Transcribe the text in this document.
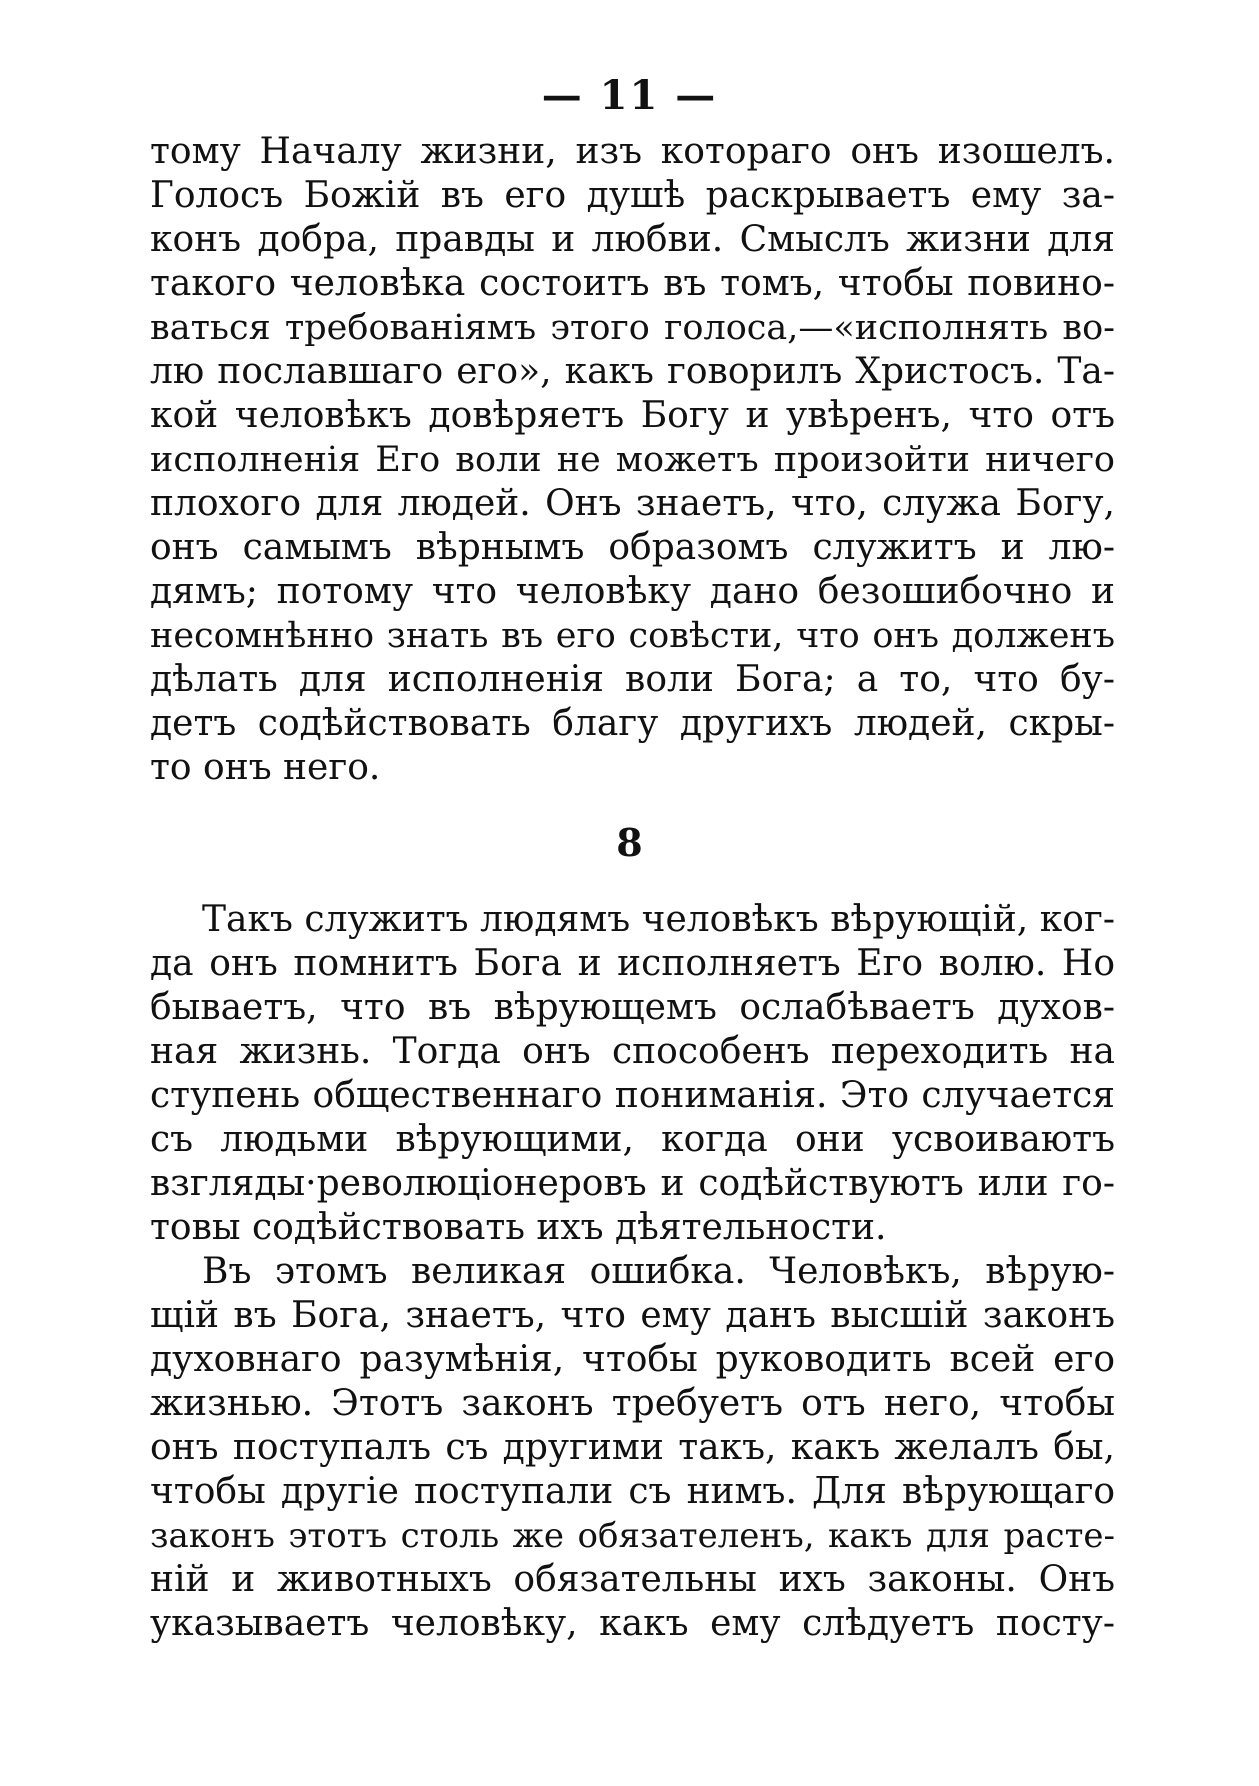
— 11 —
тому Началу жизни, изъ котораго онъ изошелъ.
Голосъ Божій въ его душѣ раскрываетъ ему за-
конъ добра, правды и любви. Смыслъ жизни для
такого человѣка состоитъ въ томъ, чтобы повино-
ваться требованіямъ этого голоса,—«исполнять во-
лю пославшаго его», какъ говорилъ Христосъ. Та-
кой человѣкъ довѣряетъ Богу и увѣренъ, что отъ
исполненія Его воли не можетъ произойти ничего
плохого для людей. Онъ знаетъ, что, служа Богу,
онъ самымъ вѣрнымъ образомъ служитъ и лю-
дямъ; потому что человѣку дано безошибочно и
несомнѣнно знать въ его совѣсти, что онъ долженъ
дѣлать для исполненія воли Бога; а то, что бу-
детъ содѣйствовать благу другихъ людей, скры-
то онъ него.
8
Такъ служитъ людямъ человѣкъ вѣрующій, ког-
да онъ помнитъ Бога и исполняетъ Его волю. Но
бываетъ, что въ вѣрующемъ ослабѣваетъ духов-
ная жизнь. Тогда онъ способенъ переходить на
ступень общественнаго пониманія. Это случается
съ людьми вѣрующими, когда они усвоиваютъ
взгляды·революціонеровъ и содѣйствуютъ или го-
товы содѣйствовать ихъ дѣятельности.
Въ этомъ великая ошибка. Человѣкъ, вѣрую-
щій въ Бога, знаетъ, что ему данъ высшій законъ
духовнаго разумѣнія, чтобы руководить всей его
жизнью. Этотъ законъ требуетъ отъ него, чтобы
онъ поступалъ съ другими такъ, какъ желалъ бы,
чтобы другіе поступали съ нимъ. Для вѣрующаго
законъ этотъ столь же обязателенъ, какъ для расте-
ній и животныхъ обязательны ихъ законы. Онъ
указываетъ человѣку, какъ ему слѣдуетъ посту-
